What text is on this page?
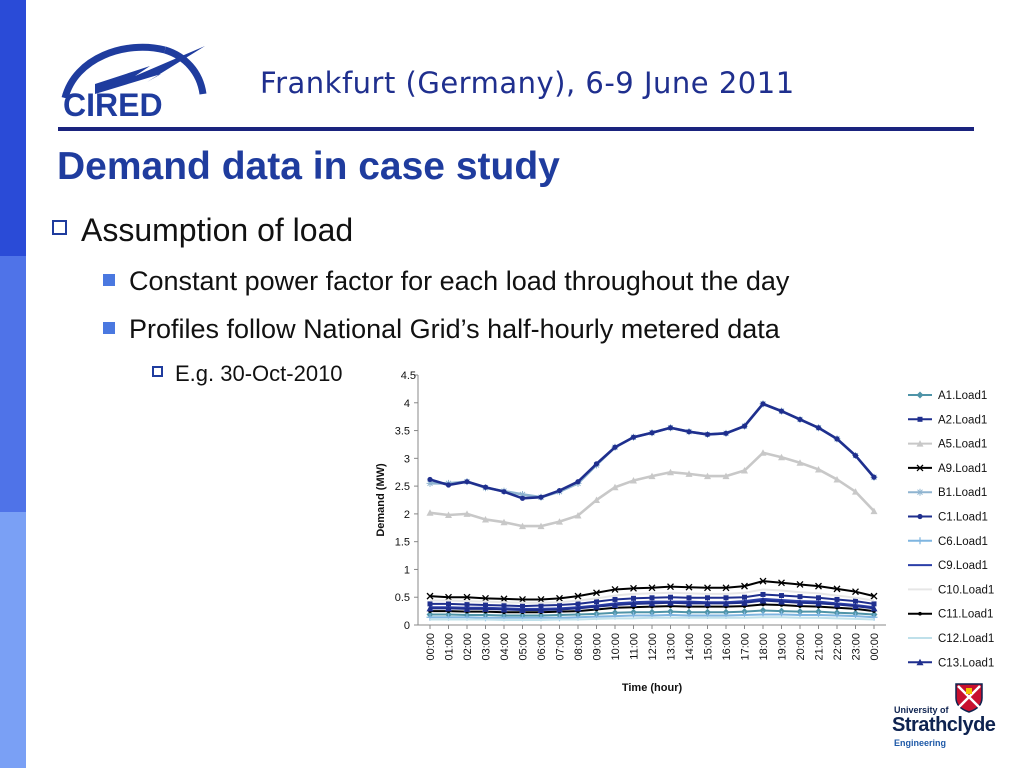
CIRED
Frankfurt (Germany), 6-9 June 2011
Demand data in case study
Assumption of load
Constant power factor for each load throughout the day
Profiles follow National Grid’s half-hourly metered data
E.g. 30-Oct-2010
0
0.5
1
1.5
2
2.5
3
3.5
4
4.5
00:00 01:00 02:00 03:00 04:00 05:00 06:00 07:00 08:00 09:00 10:00 11:00 12:00 13:00 14:00 15:00 16:00 17:00 18:00 19:00 20:00 21:00 22:00 23:00 00:00
Demand (MW)
Time (hour)
A1.Load1
A2.Load1
A5.Load1
A9.Load1
B1.Load1
C1.Load1
C6.Load1
C9.Load1
C10.Load1
C11.Load1
C12.Load1
C13.Load1
University of
Strathclyde
Engineering
